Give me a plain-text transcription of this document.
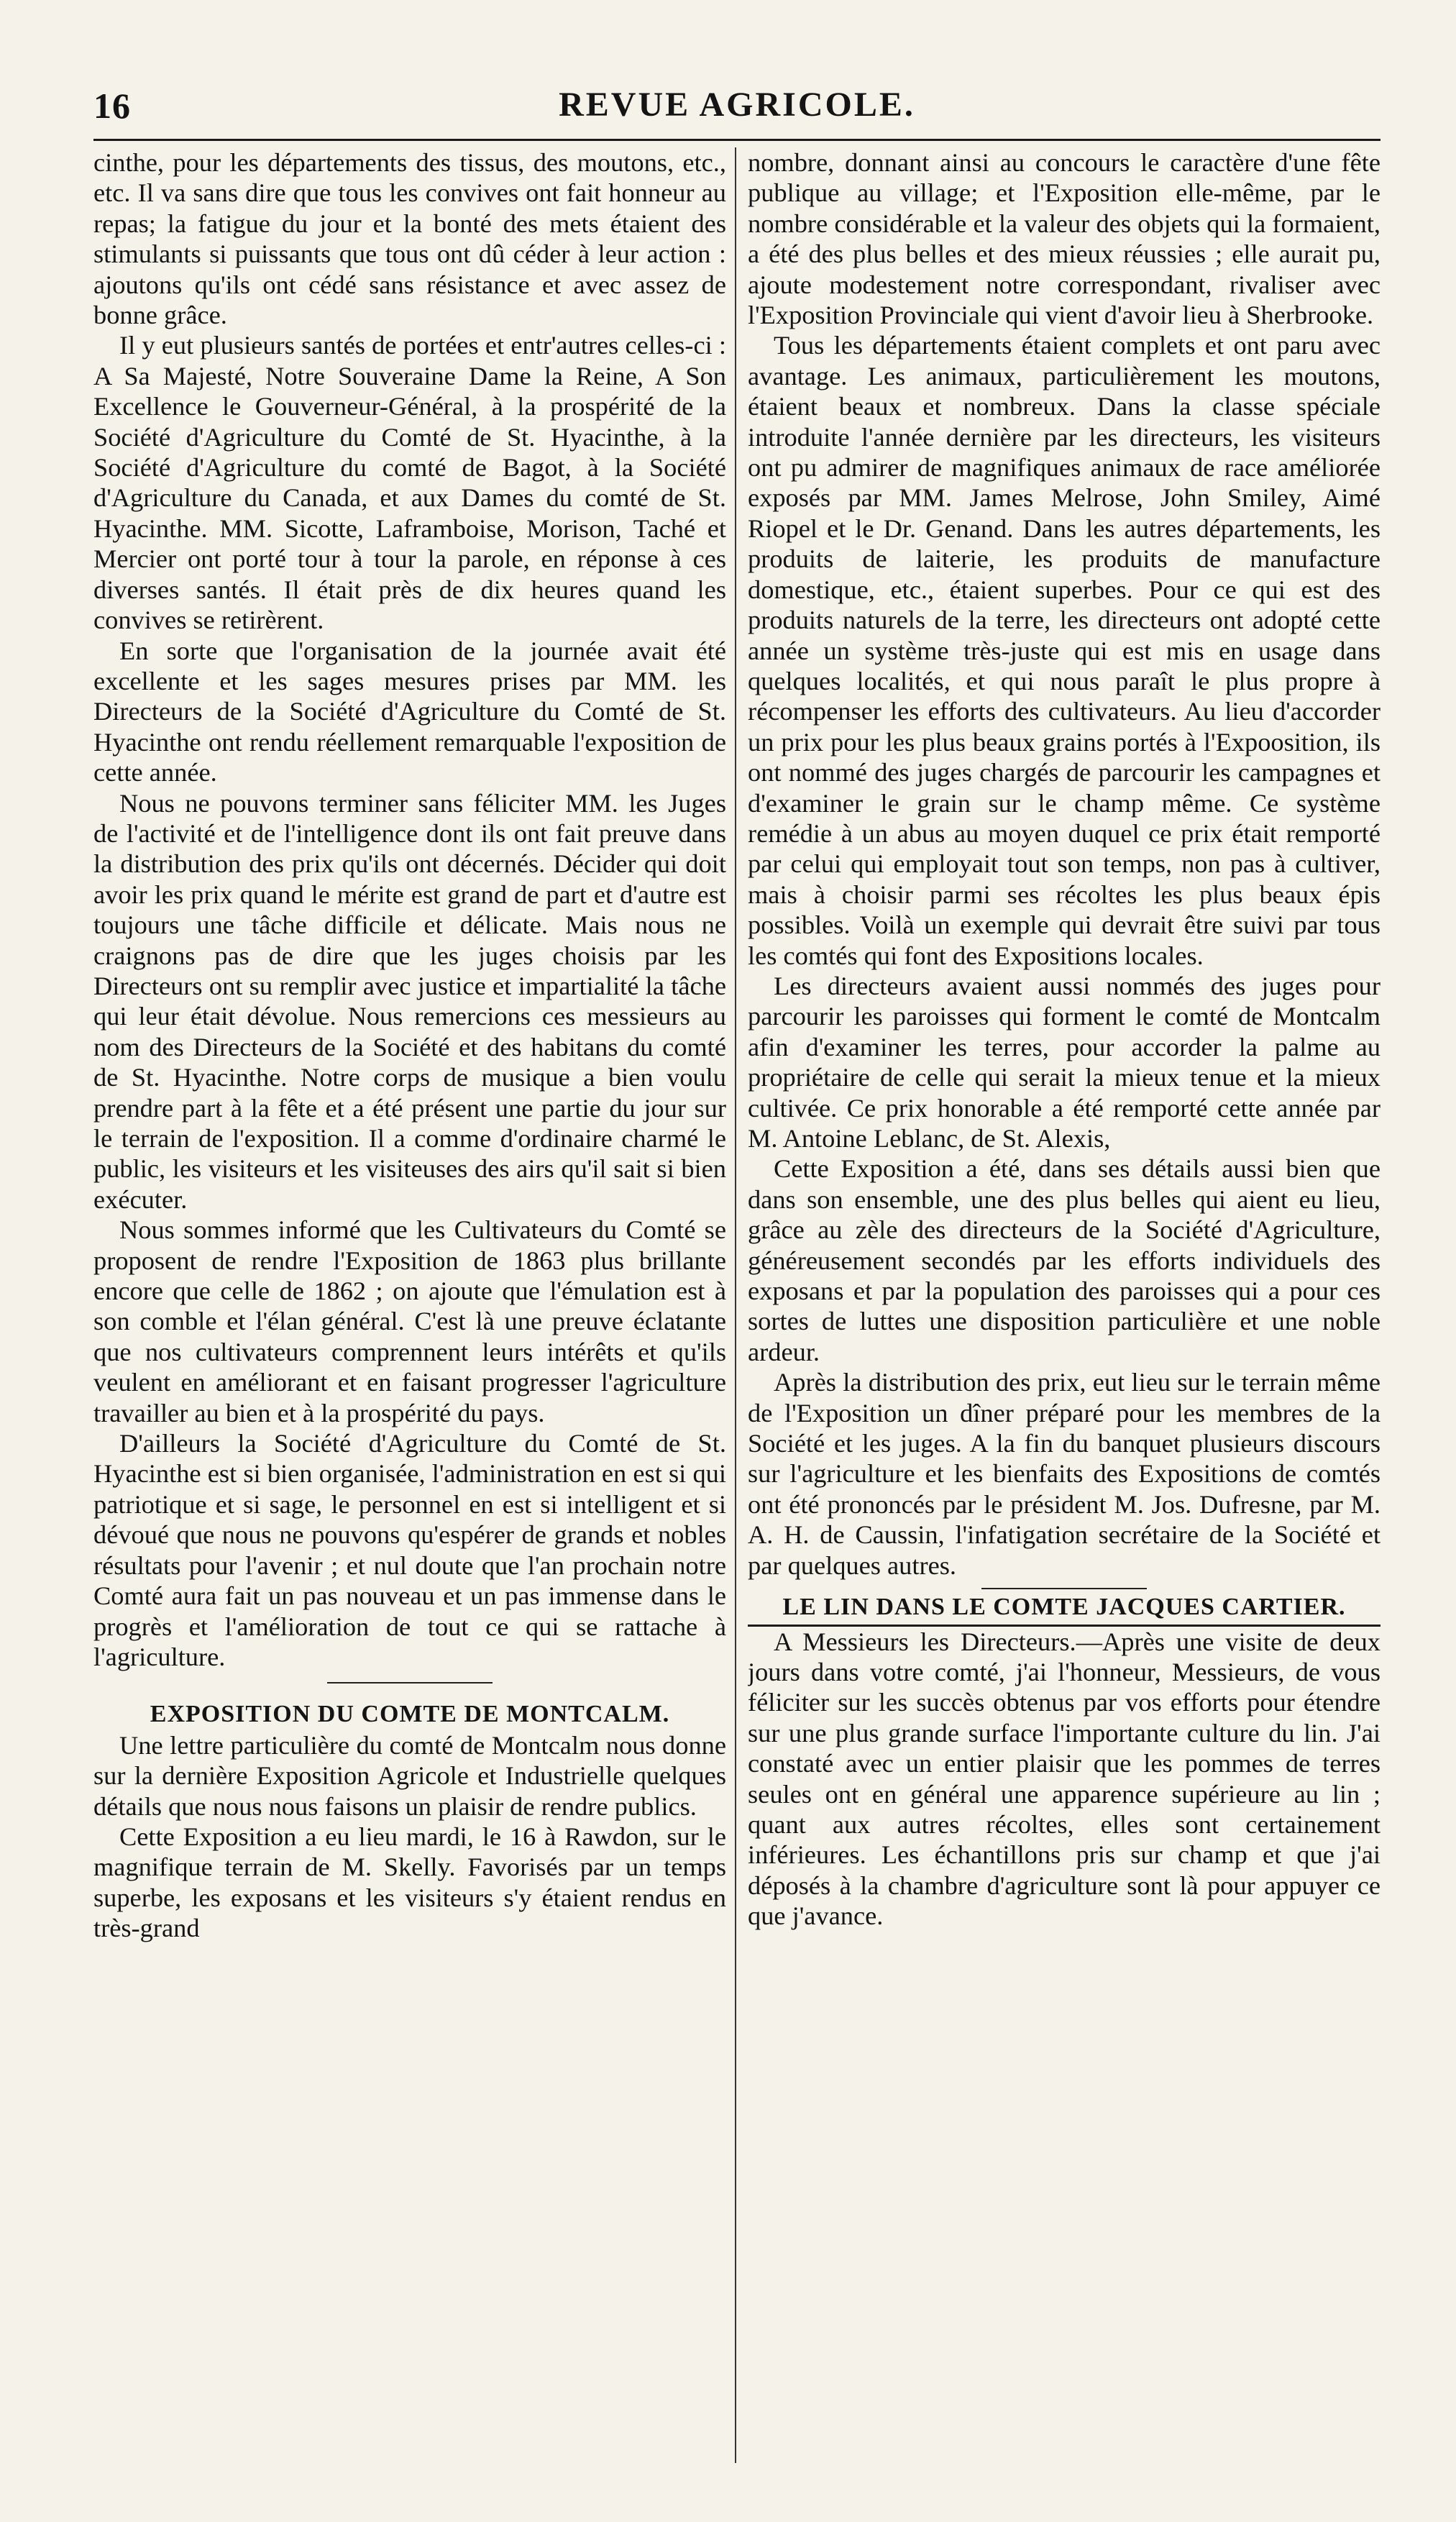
16	REVUE AGRICOLE.

cinthe, pour les départements des tissus, des moutons, etc., etc. Il va sans dire que tous les convives ont fait honneur au repas; la fatigue du jour et la bonté des mets étaient des stimulants si puissants que tous ont dû céder à leur action : ajoutons qu'ils ont cédé sans résistance et avec assez de bonne grâce.

Il y eut plusieurs santés de portées et entr'autres celles-ci : A Sa Majesté, Notre Souveraine Dame la Reine, A Son Excellence le Gouverneur-Général, à la prospérité de la Société d'Agriculture du Comté de St. Hyacinthe, à la Société d'Agriculture du comté de Bagot, à la Société d'Agriculture du Canada, et aux Dames du comté de St. Hyacinthe. MM. Sicotte, Laframboise, Morison, Taché et Mercier ont porté tour à tour la parole, en réponse à ces diverses santés. Il était près de dix heures quand les convives se retirèrent.

En sorte que l'organisation de la journée avait été excellente et les sages mesures prises par MM. les Directeurs de la Société d'Agriculture du Comté de St. Hyacinthe ont rendu réellement remarquable l'exposition de cette année.

Nous ne pouvons terminer sans féliciter MM. les Juges de l'activité et de l'intelligence dont ils ont fait preuve dans la distribution des prix qu'ils ont décernés. Décider qui doit avoir les prix quand le mérite est grand de part et d'autre est toujours une tâche difficile et délicate. Mais nous ne craignons pas de dire que les juges choisis par les Directeurs ont su remplir avec justice et impartialité la tâche qui leur était dévolue. Nous remercions ces messieurs au nom des Directeurs de la Société et des habitans du comté de St. Hyacinthe. Notre corps de musique a bien voulu prendre part à la fête et a été présent une partie du jour sur le terrain de l'exposition. Il a comme d'ordinaire charmé le public, les visiteurs et les visiteuses des airs qu'il sait si bien exécuter.

Nous sommes informé que les Cultivateurs du Comté se proposent de rendre l'Exposition de 1863 plus brillante encore que celle de 1862 ; on ajoute que l'émulation est à son comble et l'élan général. C'est là une preuve éclatante que nos cultivateurs comprennent leurs intérêts et qu'ils veulent en améliorant et en faisant progresser l'agriculture travailler au bien et à la prospérité du pays.

D'ailleurs la Société d'Agriculture du Comté de St. Hyacinthe est si bien organisée, l'administration en est si qui patriotique et si sage, le personnel en est si intelligent et si dévoué que nous ne pouvons qu'espérer de grands et nobles résultats pour l'avenir ; et nul doute que l'an prochain notre Comté aura fait un pas nouveau et un pas immense dans le progrès et l'amélioration de tout ce qui se rattache à l'agriculture.

EXPOSITION DU COMTE DE MONTCALM.

Une lettre particulière du comté de Montcalm nous donne sur la dernière Exposition Agricole et Industrielle quelques détails que nous nous faisons un plaisir de rendre publics.

Cette Exposition a eu lieu mardi, le 16 à Rawdon, sur le magnifique terrain de M. Skelly. Favorisés par un temps superbe, les exposans et les visiteurs s'y étaient rendus en très-grand

nombre, donnant ainsi au concours le caractère d'une fête publique au village; et l'Exposition elle-même, par le nombre considérable et la valeur des objets qui la formaient, a été des plus belles et des mieux réussies ; elle aurait pu, ajoute modestement notre correspondant, rivaliser avec l'Exposition Provinciale qui vient d'avoir lieu à Sherbrooke.

Tous les départements étaient complets et ont paru avec avantage. Les animaux, particulièrement les moutons, étaient beaux et nombreux. Dans la classe spéciale introduite l'année dernière par les directeurs, les visiteurs ont pu admirer de magnifiques animaux de race améliorée exposés par MM. James Melrose, John Smiley, Aimé Riopel et le Dr. Genand. Dans les autres départements, les produits de laiterie, les produits de manufacture domestique, etc., étaient superbes. Pour ce qui est des produits naturels de la terre, les directeurs ont adopté cette année un système très-juste qui est mis en usage dans quelques localités, et qui nous paraît le plus propre à récompenser les efforts des cultivateurs. Au lieu d'accorder un prix pour les plus beaux grains portés à l'Expoosition, ils ont nommé des juges chargés de parcourir les campagnes et d'examiner le grain sur le champ même. Ce système remédie à un abus au moyen duquel ce prix était remporté par celui qui employait tout son temps, non pas à cultiver, mais à choisir parmi ses récoltes les plus beaux épis possibles. Voilà un exemple qui devrait être suivi par tous les comtés qui font des Expositions locales.

Les directeurs avaient aussi nommés des juges pour parcourir les paroisses qui forment le comté de Montcalm afin d'examiner les terres, pour accorder la palme au propriétaire de celle qui serait la mieux tenue et la mieux cultivée. Ce prix honorable a été remporté cette année par M. Antoine Leblanc, de St. Alexis,

Cette Exposition a été, dans ses détails aussi bien que dans son ensemble, une des plus belles qui aient eu lieu, grâce au zèle des directeurs de la Société d'Agriculture, généreusement secondés par les efforts individuels des exposans et par la population des paroisses qui a pour ces sortes de luttes une disposition particulière et une noble ardeur.

Après la distribution des prix, eut lieu sur le terrain même de l'Exposition un dîner préparé pour les membres de la Société et les juges. A la fin du banquet plusieurs discours sur l'agriculture et les bienfaits des Expositions de comtés ont été prononcés par le président M. Jos. Dufresne, par M. A. H. de Caussin, l'infatigation secrétaire de la Société et par quelques autres.

LE LIN DANS LE COMTE JACQUES CARTIER.

A Messieurs les Directeurs.—Après une visite de deux jours dans votre comté, j'ai l'honneur, Messieurs, de vous féliciter sur les succès obtenus par vos efforts pour étendre sur une plus grande surface l'importante culture du lin. J'ai constaté avec un entier plaisir que les pommes de terres seules ont en général une apparence supérieure au lin ; quant aux autres récoltes, elles sont certainement inférieures. Les échantillons pris sur champ et que j'ai déposés à la chambre d'agriculture sont là pour appuyer ce que j'avance.
